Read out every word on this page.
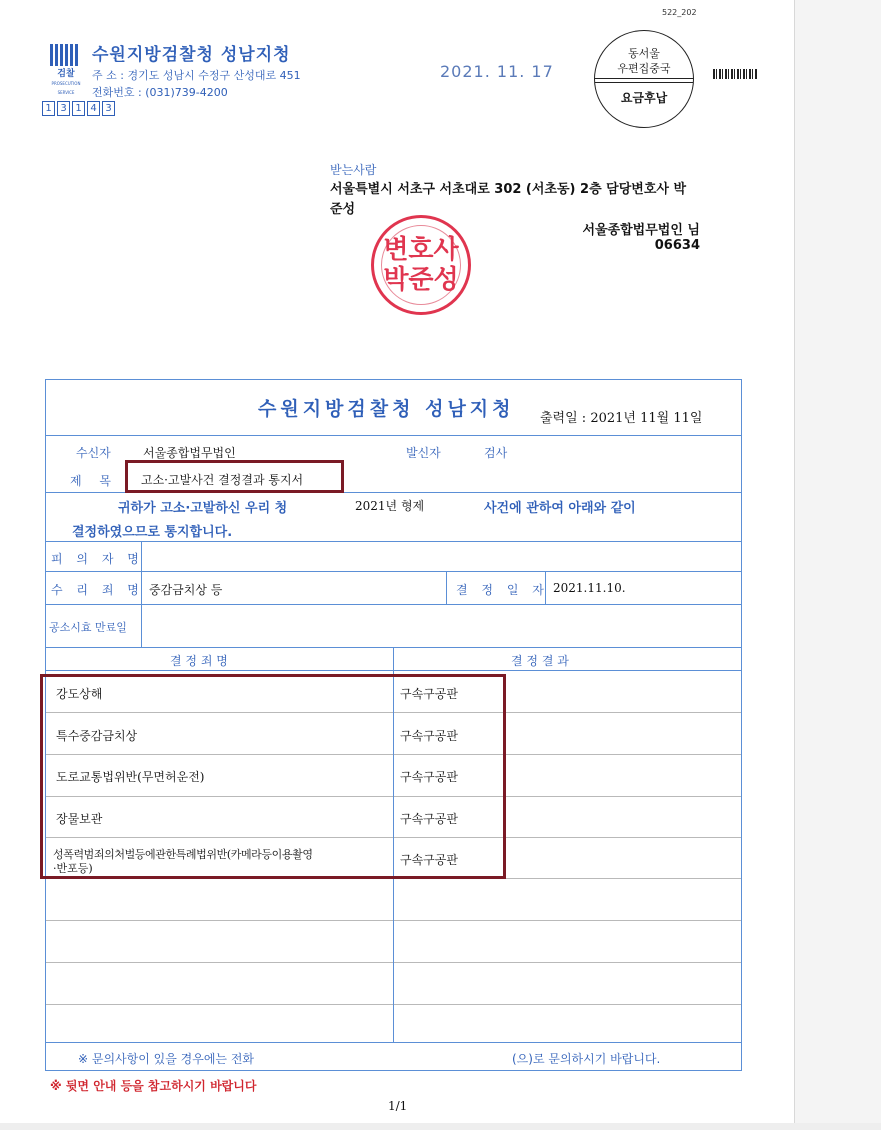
522_202
검찰
PROSECUTION SERVICE
수원지방검찰청 성남지청
주 소 : 경기도 성남시 수정구 산성대로 451
전화번호 : (031)739-4200
1 3 1 4 3
2021. 11. 17
동서울
우편집중국
요금후납
받는사람
서울특별시 서초구 서초대로 302 (서초동) 2층 담당변호사 박 준성
서울종합법무법인 님
06634
변호사
박준성
수원지방검찰청 성남지청 출력일 : 2021년 11월 11일
수신자	서울종합법무법인	발신자	검사
제 목 고소·고발사건 결정결과 통지서
귀하가 고소·고발하신 우리 청	2021년 형제	사건에 관하여 아래와 같이
결정하였으므로 통지합니다.
피 의 자 명
수 리 죄 명 중감금치상 등	결 정 일 자 2021.11.10.
공소시효 만료일
결 정 죄 명	결 정 결 과
강도상해	구속구공판
특수중감금치상	구속구공판
도로교통법위반(무면허운전)	구속구공판
장물보관	구속구공판
성폭력범죄의처벌등에관한특례법위반(카메라등이용촬영
·반포등)
구속구공판
※ 문의사항이 있을 경우에는 전화	(으)로 문의하시기 바랍니다.
※ 뒷면 안내 등을 참고하시기 바랍니다
1/1
